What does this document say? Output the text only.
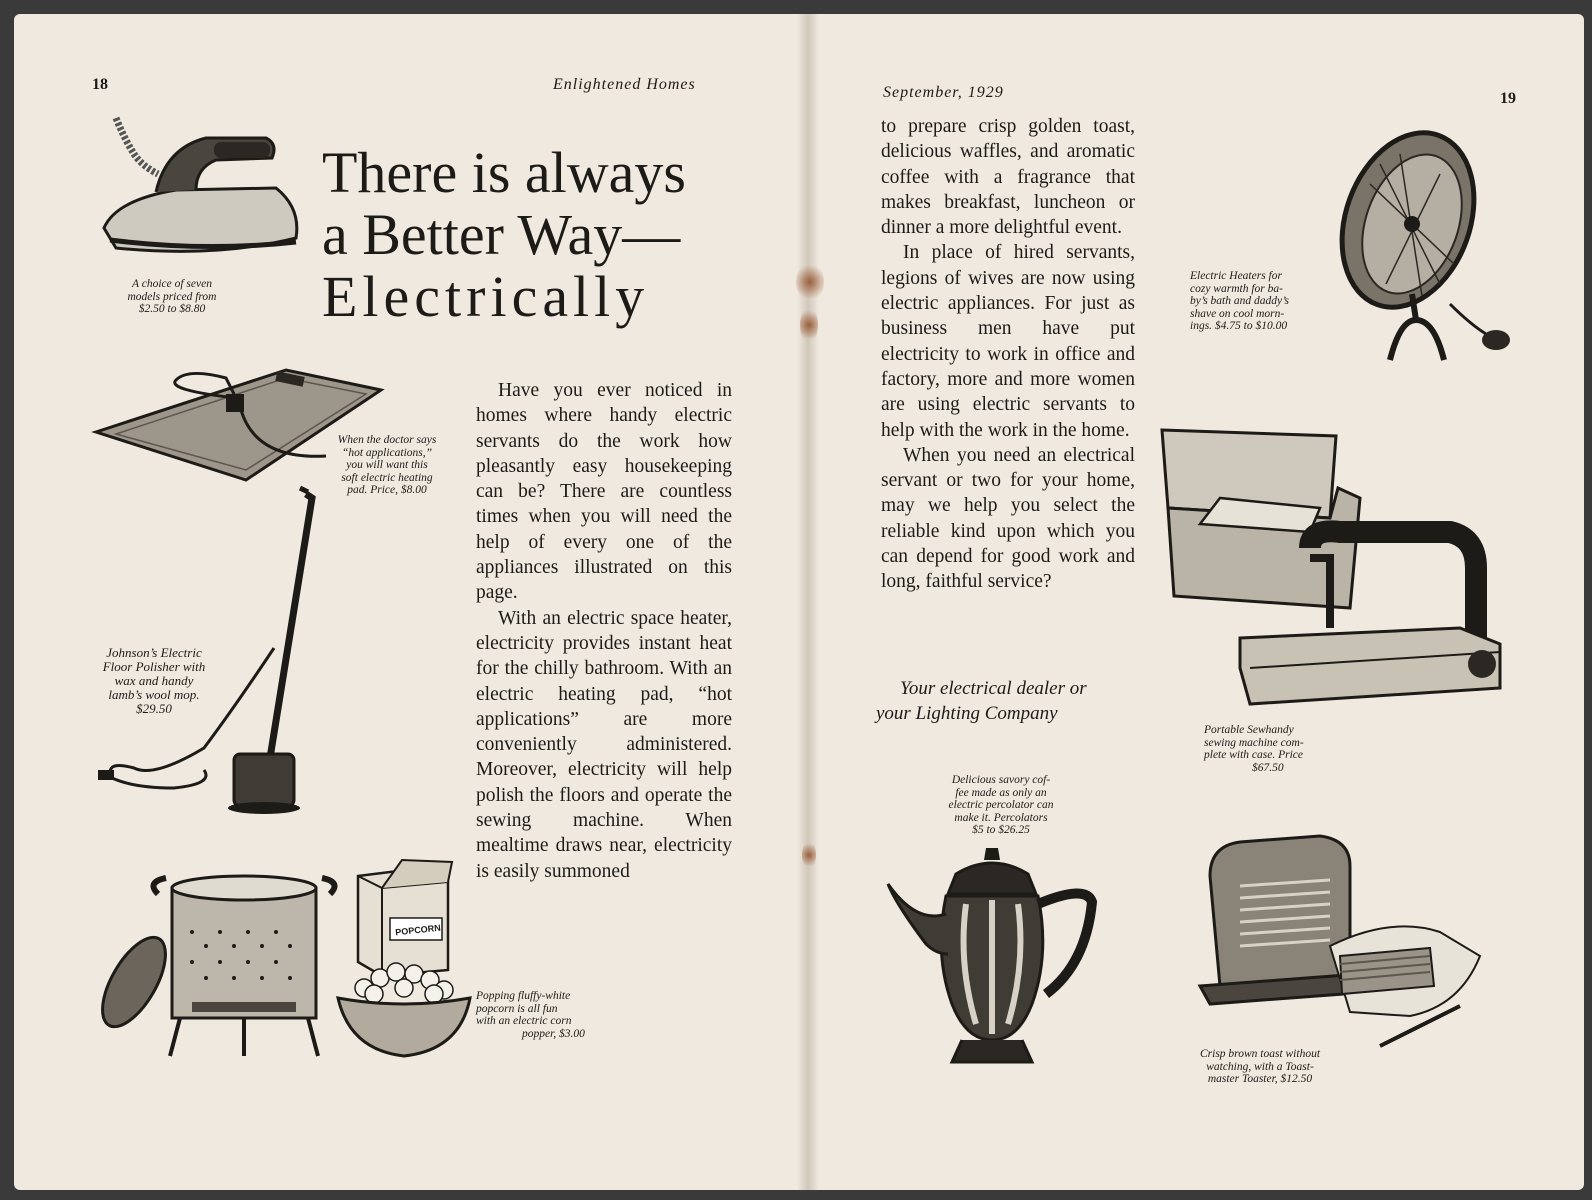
18	Enlightened Homes
There is always
a Better Way—
Electrically

Have you ever noticed in homes where handy electric servants do the work how pleasantly easy housekeeping can be? There are countless times when you will need the help of every one of the appliances illustrated on this page.

With an electric space heater, electricity provides instant heat for the chilly bathroom. With an electric heating pad, “hot applications” are more conveniently administered. Moreover, electricity will help polish the floors and operate the sewing machine. When mealtime draws near, electricity is easily summoned

A choice of seven
models priced from
$2.50 to $8.80
When the doctor says
“hot applications,”
you will want this
soft electric heating
pad. Price, $8.00
Johnson’s Electric
Floor Polisher with
wax and handy
lamb’s wool mop.
$29.50
POPCORN
Popping fluffy-white
popcorn is all fun
with an electric corn
popper, $3.00
September, 1929	19

to prepare crisp golden toast, delicious waffles, and aromatic coffee with a fragrance that makes breakfast, luncheon or dinner a more delightful event.

In place of hired servants, legions of wives are now using electric appliances. For just as business men have put electricity to work in office and factory, more and more women are using electric servants to help with the work in the home.

When you need an electrical servant or two for your home, may we help you select the reliable kind upon which you can depend for good work and long, faithful service?

Your electrical dealer or
your Lighting Company
Electric Heaters for
cozy warmth for ba-
by’s bath and daddy’s
shave on cool morn-
ings. $4.75 to $10.00
Portable Sewhandy
sewing machine com-
plete with case. Price
$67.50
Delicious savory cof-
fee made as only an
electric percolator can
make it. Percolators
$5 to $26.25
Crisp brown toast without
watching, with a Toast-
master Toaster, $12.50
